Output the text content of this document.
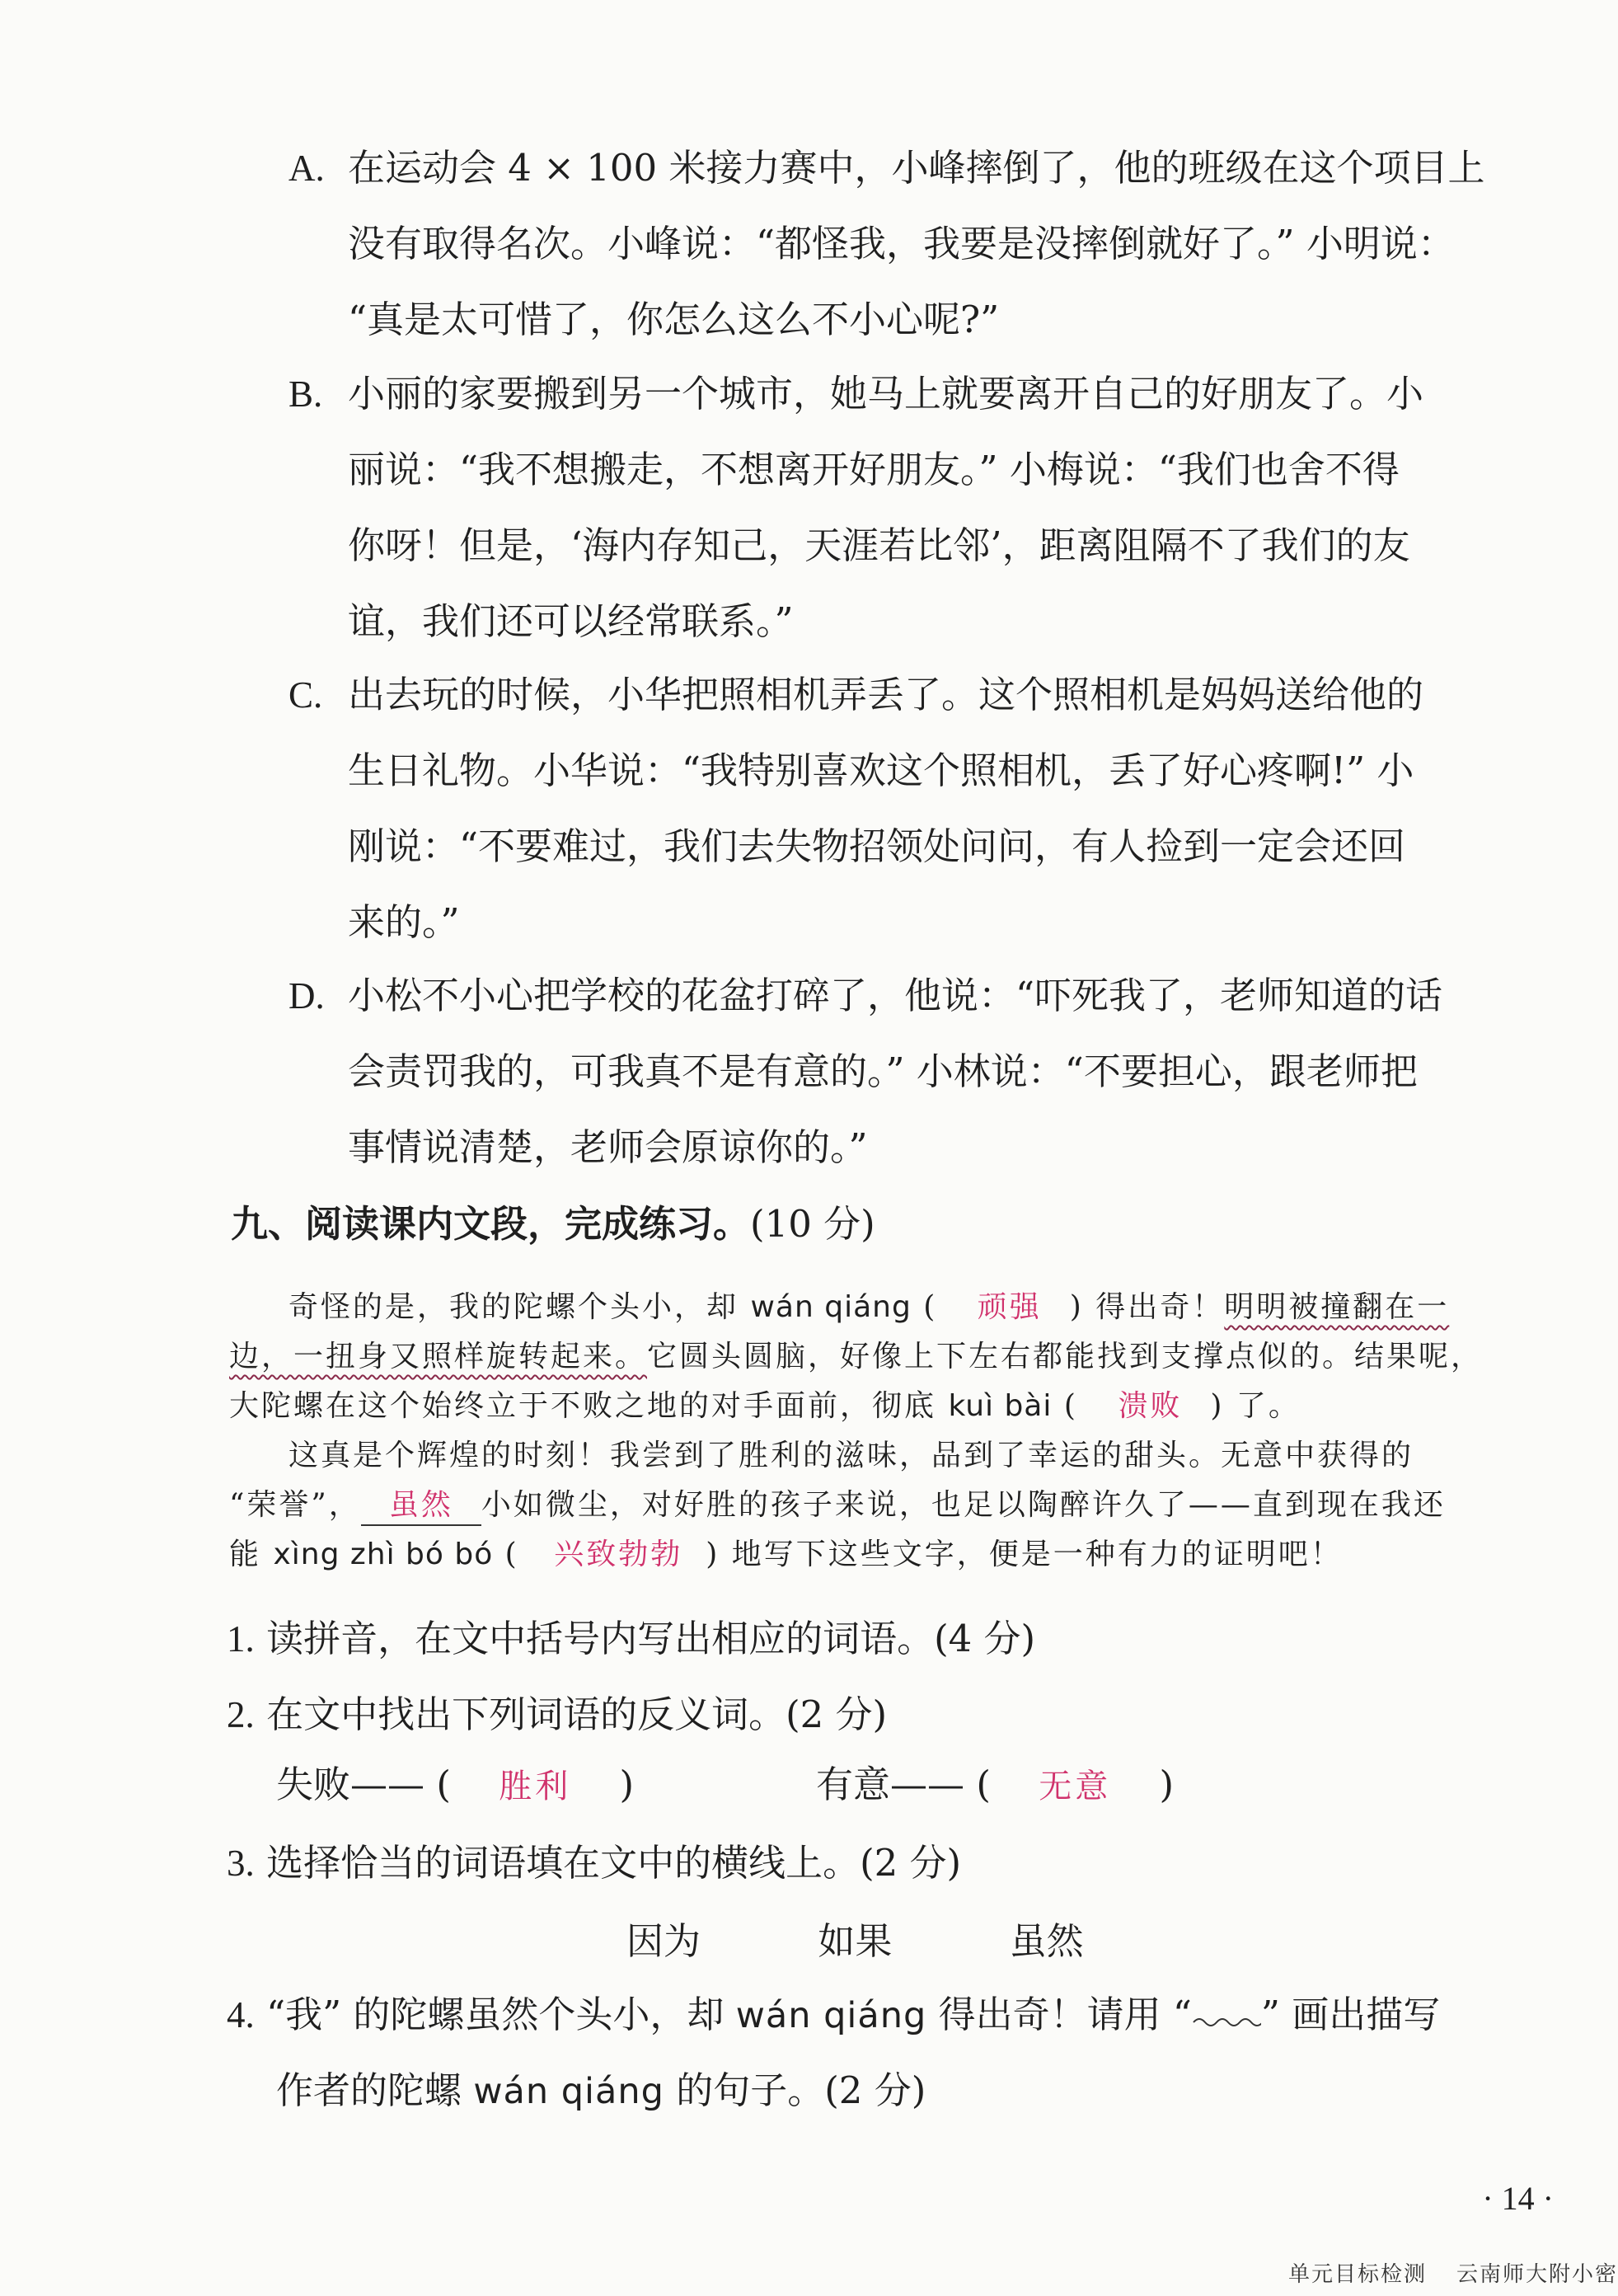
A. 在运动会 4 × 100 米接力赛中，小峰摔倒了，他的班级在这个项目上
没有取得名次。小峰说：“都怪我，我要是没摔倒就好了。” 小明说：
“真是太可惜了，你怎么这么不小心呢?”
B. 小丽的家要搬到另一个城市，她马上就要离开自己的好朋友了。小
丽说：“我不想搬走，不想离开好朋友。” 小梅说：“我们也舍不得
你呀！但是，‘海内存知己，天涯若比邻’，距离阻隔不了我们的友
谊，我们还可以经常联系。”
C. 出去玩的时候，小华把照相机弄丢了。这个照相机是妈妈送给他的
生日礼物。小华说：“我特别喜欢这个照相机，丢了好心疼啊!” 小
刚说：“不要难过，我们去失物招领处问问，有人捡到一定会还回
来的。”
D. 小松不小心把学校的花盆打碎了，他说：“吓死我了，老师知道的话
会责罚我的，可我真不是有意的。” 小林说：“不要担心，跟老师把
事情说清楚，老师会原谅你的。”
九、阅读课内文段，完成练习。(10 分)
奇怪的是，我的陀螺个头小，却 wán qiáng ( 顽强 ) 得出奇！明明被撞翻在一
边，一扭身又照样旋转起来。它圆头圆脑，好像上下左右都能找到支撑点似的。结果呢，
大陀螺在这个始终立于不败之地的对手面前，彻底 kuì bài ( 溃败 ) 了。
这真是个辉煌的时刻！我尝到了胜利的滋味，品到了幸运的甜头。无意中获得的
“荣誉”， 虽然 小如微尘，对好胜的孩子来说，也足以陶醉许久了——直到现在我还
能 xìng zhì bó bó ( 兴致勃勃 ) 地写下这些文字，便是一种有力的证明吧！
1. 读拼音，在文中括号内写出相应的词语。(4 分)
2. 在文中找出下列词语的反义词。(2 分)
失败—— ( 胜利 )	有意—— ( 无意 )
3. 选择恰当的词语填在文中的横线上。(2 分)
因为	如果	虽然
4. “我” 的陀螺虽然个头小，却 wán qiáng 得出奇！请用 “ ” 画出描写
作者的陀螺 wán qiáng 的句子。(2 分)
· 14 ·
单元目标检测 云南师大附小密
